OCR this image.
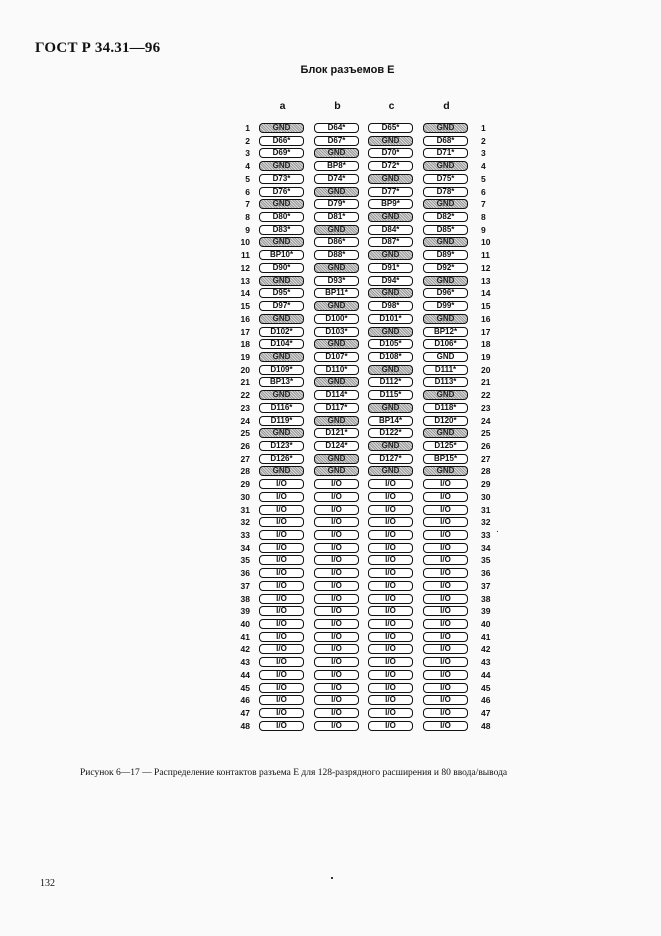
ГОСТ Р 34.31—96
Блок разъемов Е
a	b	c	d
1	GND	D64*	D65*	GND	1
2	D66*	D67*	GND	D68*	2
3	D69*	GND	D70*	D71*	3
4	GND	BP8*	D72*	GND	4
5	D73*	D74*	GND	D75*	5
6	D76*	GND	D77*	D78*	6
7	GND	D79*	BP9*	GND	7
8	D80*	D81*	GND	D82*	8
9	D83*	GND	D84*	D85*	9
10	GND	D86*	D87*	GND	10
11	BP10*	D88*	GND	D89*	11
12	D90*	GND	D91*	D92*	12
13	GND	D93*	D94*	GND	13
14	D95*	BP11*	GND	D96*	14
15	D97*	GND	D98*	D99*	15
16	GND	D100*	D101*	GND	16
17	D102*	D103*	GND	BP12*	17
18	D104*	GND	D105*	D106*	18
19	GND	D107*	D108*	GND	19
20	D109*	D110*	GND	D111*	20
21	BP13*	GND	D112*	D113*	21
22	GND	D114*	D115*	GND	22
23	D116*	D117*	GND	D118*	23
24	D119*	GND	BP14*	D120*	24
25	GND	D121*	D122*	GND	25
26	D123*	D124*	GND	D125*	26
27	D126*	GND	D127*	BP15*	27
28	GND	GND	GND	GND	28
29	I/O	I/O	I/O	I/O	29
30	I/O	I/O	I/O	I/O	30
31	I/O	I/O	I/O	I/O	31
32	I/O	I/O	I/O	I/O	32
33	I/O	I/O	I/O	I/O	33
34	I/O	I/O	I/O	I/O	34
35	I/O	I/O	I/O	I/O	35
36	I/O	I/O	I/O	I/O	36
37	I/O	I/O	I/O	I/O	37
38	I/O	I/O	I/O	I/O	38
39	I/O	I/O	I/O	I/O	39
40	I/O	I/O	I/O	I/O	40
41	I/O	I/O	I/O	I/O	41
42	I/O	I/O	I/O	I/O	42
43	I/O	I/O	I/O	I/O	43
44	I/O	I/O	I/O	I/O	44
45	I/O	I/O	I/O	I/O	45
46	I/O	I/O	I/O	I/O	46
47	I/O	I/O	I/O	I/O	47
48	I/O	I/O	I/O	I/O	48
Рисунок 6—17 — Распределение контактов разъема Е для 128-разрядного расширения и 80 ввода/вывода
132
